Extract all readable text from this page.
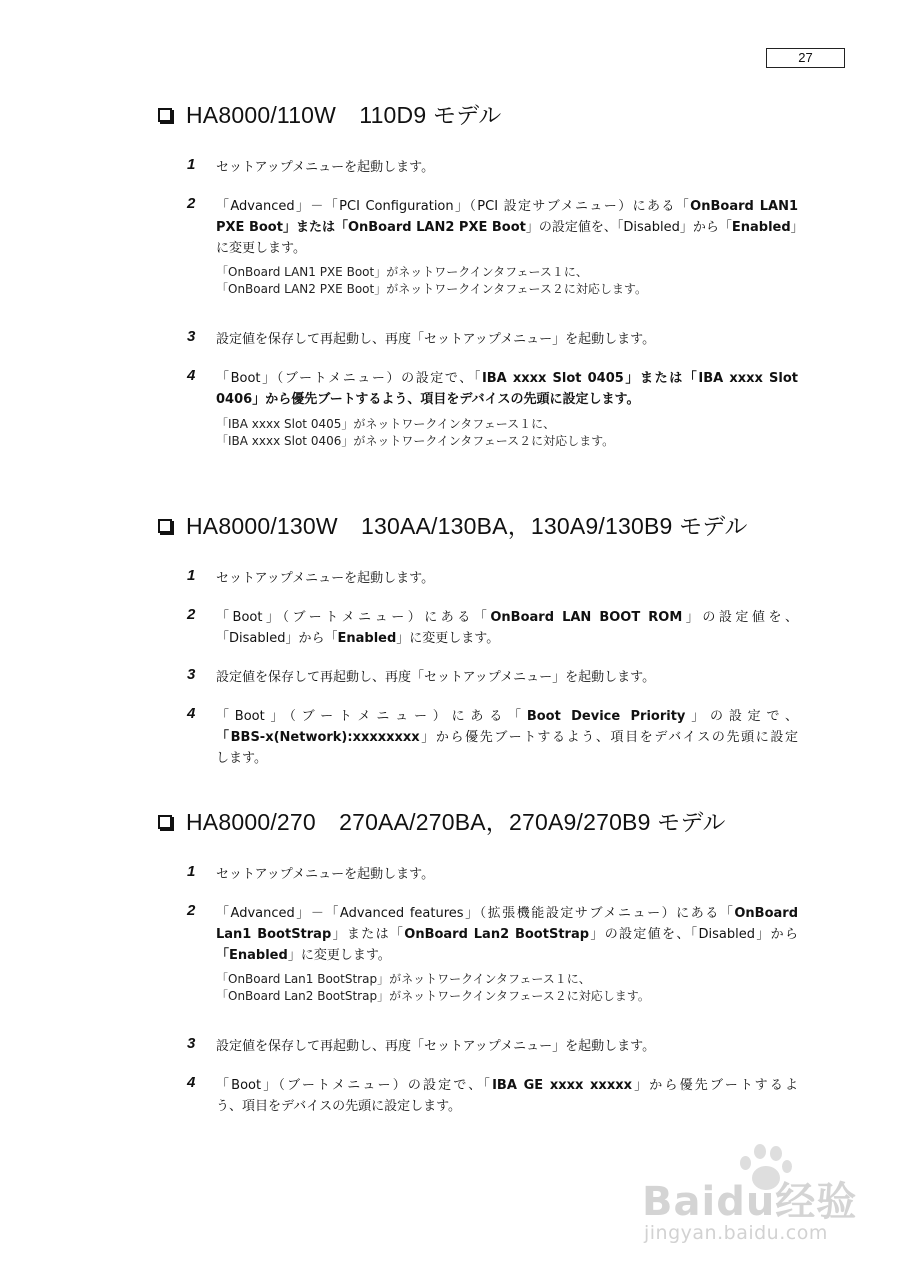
27
HA8000/110W　110D9 モデル
1 セットアップメニューを起動します。

2 「Advanced」－「PCI Configuration」（PCI 設定サブメニュー）にある「OnBoard LAN1
PXE Boot」または「OnBoard LAN2 PXE Boot」の設定値を、「Disabled」から「Enabled」
に変更します。

「OnBoard LAN1 PXE Boot」がネットワークインタフェース１に、
「OnBoard LAN2 PXE Boot」がネットワークインタフェース２に対応します。

3 設定値を保存して再起動し、再度「セットアップメニュー」を起動します。

4 「Boot」（ブートメニュー）の設定で、「IBA xxxx Slot 0405」または「IBA xxxx Slot
0406」から優先ブートするよう、項目をデバイスの先頭に設定します。

「IBA xxxx Slot 0405」がネットワークインタフェース１に、
「IBA xxxx Slot 0406」がネットワークインタフェース２に対応します。

HA8000/130W　130AA/130BA，130A9/130B9 モデル
1 セットアップメニューを起動します。

2 「Boot」（ブートメニュー）にある「OnBoard LAN BOOT ROM」の設定値を、
「Disabled」から「Enabled」に変更します。

3 設定値を保存して再起動し、再度「セットアップメニュー」を起動します。

4 「Boot」（ブートメニュー）にある「Boot Device Priority」の設定で、
「BBS-x(Network):xxxxxxxx」から優先ブートするよう、項目をデバイスの先頭に設定
します。

HA8000/270　270AA/270BA，270A9/270B9 モデル
1 セットアップメニューを起動します。

2 「Advanced」－「Advanced features」（拡張機能設定サブメニュー）にある「OnBoard
Lan1 BootStrap」または「OnBoard Lan2 BootStrap」の設定値を、「Disabled」から
「Enabled」に変更します。

「OnBoard Lan1 BootStrap」がネットワークインタフェース１に、
「OnBoard Lan2 BootStrap」がネットワークインタフェース２に対応します。

3 設定値を保存して再起動し、再度「セットアップメニュー」を起動します。

4 「Boot」（ブートメニュー）の設定で、「IBA GE xxxx xxxxx」から優先ブートするよ
う、項目をデバイスの先頭に設定します。

Baidu经验
jingyan.baidu.com
